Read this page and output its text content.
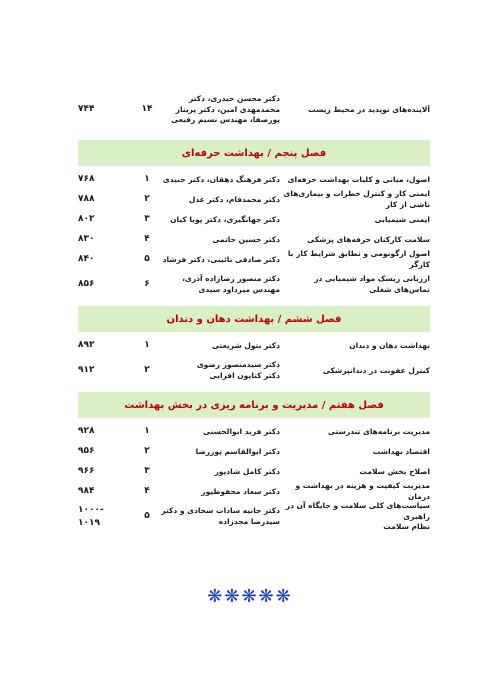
آلاینده‌های نوپدید در محیط زیست
دکتر محسن حیدری، دکتر
محمدمهدی امین، دکتر پریناز
پورصفا، مهندس نسیم رفیعی
۱۴
۷۴۴
فصل پنجم / بهداشت حرفه‌ای
اصول، مبانی و کلیات بهداشت حرفه‌ای
دکتر فرهنگ دهقان، دکتر جنیدی
۱
۷۶۸
ایمنی کار و کنترل خطرات و بیماری‌های ناشی از کار
دکتر محمدفام، دکتر عدل
۲
۷۸۸
ایمنی شیمیایی
دکتر جهانگیری، دکتر پویا کیان
۳
۸۰۲
سلامت کارکنان حرفه‌های پزشکی
دکتر حسین حاتمی
۴
۸۳۰
اصول ارگونومی و تطابق شرایط کار با کارگر
دکتر صادقی نائینی، دکتر فرشاد
۵
۸۴۰
ارزیابی ریسک مواد شیمیایی در تماس‌های شغلی
دکتر منصور رضازاده آذری،
مهندس میرداود سیدی
۶
۸۵۶
فصل ششم / بهداشت دهان و دندان
بهداشت دهان و دندان
دکتر بتول شریعتی
۱
۸۹۲
کنترل عفونت در دندانپزشکی
دکتر سیدمنصور رضوی
دکتر کتایون افزایی
۲
۹۱۲
فصل هفتم / مدیریت و برنامه ریزی در بخش بهداشت
مدیریت برنامه‌های تندرستی
دکتر فرید ابوالحسنی
۱
۹۲۸
اقتصاد بهداشت
دکتر ابوالقاسم پوررضا
۲
۹۵۶
اصلاح بخش سلامت
دکتر کامل شادپور
۳
۹۶۶
مدیریت کیفیت و هزینه در بهداشت و درمان
دکتر سعاد محفوظپور
۴
۹۸۴
سیاست‌های کلی سلامت و جایگاه آن در راهبری
نظام سلامت
دکتر جانیه سادات سجادی و دکتر
سیدرضا مجدزاده
۵
-۱۰۰۰
۱۰۱۹
❋❋❋❋❋
